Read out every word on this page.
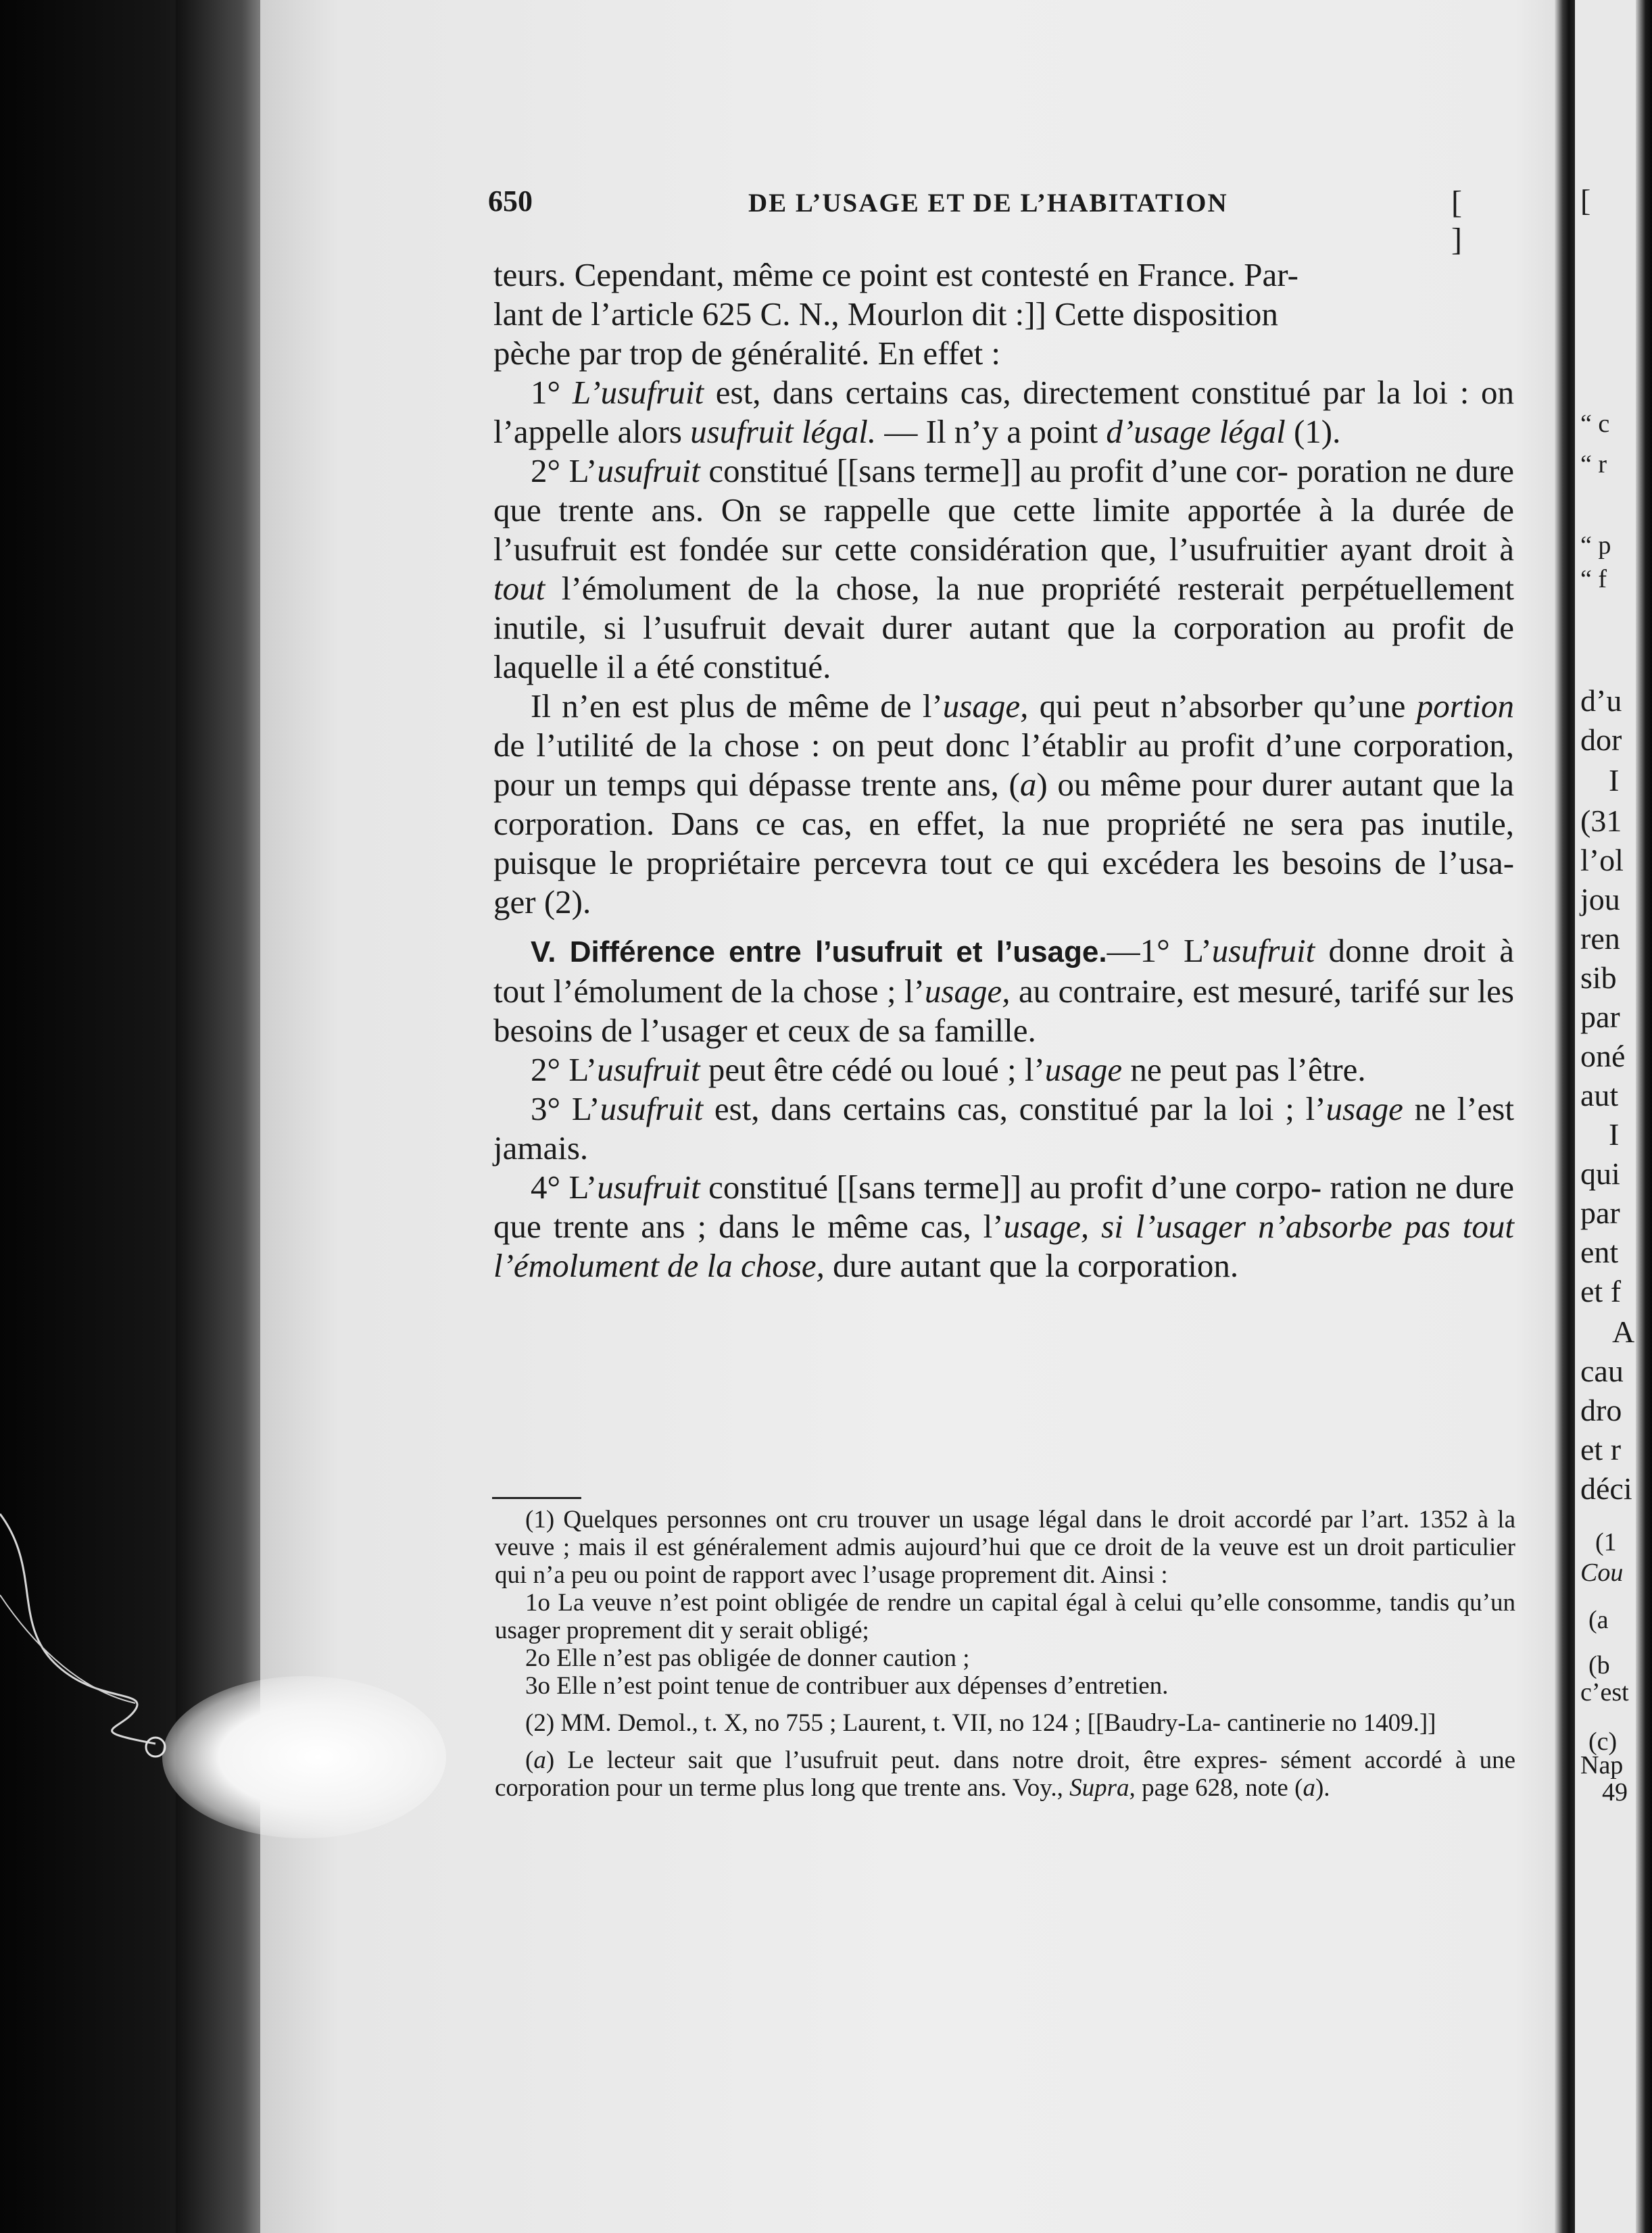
650	DE L’USAGE ET DE L’HABITATION	[ ]

teurs. Cependant, même ce point est contesté en France. Par-
lant de l’article 625 C. N., Mourlon dit :]] Cette disposition
pèche par trop de généralité. En effet :

1° L’usufruit est, dans certains cas, directement constitué par la loi : on l’appelle alors usufruit légal. — Il n’y a point d’usage légal (1).

2° L’usufruit constitué [[sans terme]] au profit d’une cor- poration ne dure que trente ans. On se rappelle que cette limite apportée à la durée de l’usufruit est fondée sur cette considération que, l’usufruitier ayant droit à tout l’émolument de la chose, la nue propriété resterait perpétuellement inutile, si l’usufruit devait durer autant que la corporation au profit de laquelle il a été constitué.

Il n’en est plus de même de l’usage, qui peut n’absorber qu’une portion de l’utilité de la chose : on peut donc l’établir au profit d’une corporation, pour un temps qui dépasse trente ans, (a) ou même pour durer autant que la corporation. Dans ce cas, en effet, la nue propriété ne sera pas inutile, puisque le propriétaire percevra tout ce qui excédera les besoins de l’usa- ger (2).

V. Différence entre l’usufruit et l’usage.—1° L’usufruit donne droit à tout l’émolument de la chose ; l’usage, au contraire, est mesuré, tarifé sur les besoins de l’usager et ceux de sa famille.

2° L’usufruit peut être cédé ou loué ; l’usage ne peut pas l’être.

3° L’usufruit est, dans certains cas, constitué par la loi ; l’usage ne l’est jamais.

4° L’usufruit constitué [[sans terme]] au profit d’une corpo- ration ne dure que trente ans ; dans le même cas, l’usage, si l’usager n’absorbe pas tout l’émolument de la chose, dure autant que la corporation.

(1) Quelques personnes ont cru trouver un usage légal dans le droit accordé par l’art. 1352 à la veuve ; mais il est généralement admis aujourd’hui que ce droit de la veuve est un droit particulier qui n’a peu ou point de rapport avec l’usage proprement dit. Ainsi :

1o La veuve n’est point obligée de rendre un capital égal à celui qu’elle consomme, tandis qu’un usager proprement dit y serait obligé;

2o Elle n’est pas obligée de donner caution ;

3o Elle n’est point tenue de contribuer aux dépenses d’entretien.

(2) MM. Demol., t. X, no 755 ; Laurent, t. VII, no 124 ; [[Baudry-La- cantinerie no 1409.]]

(a) Le lecteur sait que l’usufruit peut. dans notre droit, être expres- sément accordé à une corporation pour un terme plus long que trente ans. Voy., Supra, page 628, note (a).

[
“ c
“ r
“ p
“ f
d’u
dor
I
(31
l’ol
jou
ren
sib
par
oné
aut
I
qui
par
ent
et f
A
cau
dro
et r
déci
(1
Cou
(a
(b
c’est
(c)
Nap
49
